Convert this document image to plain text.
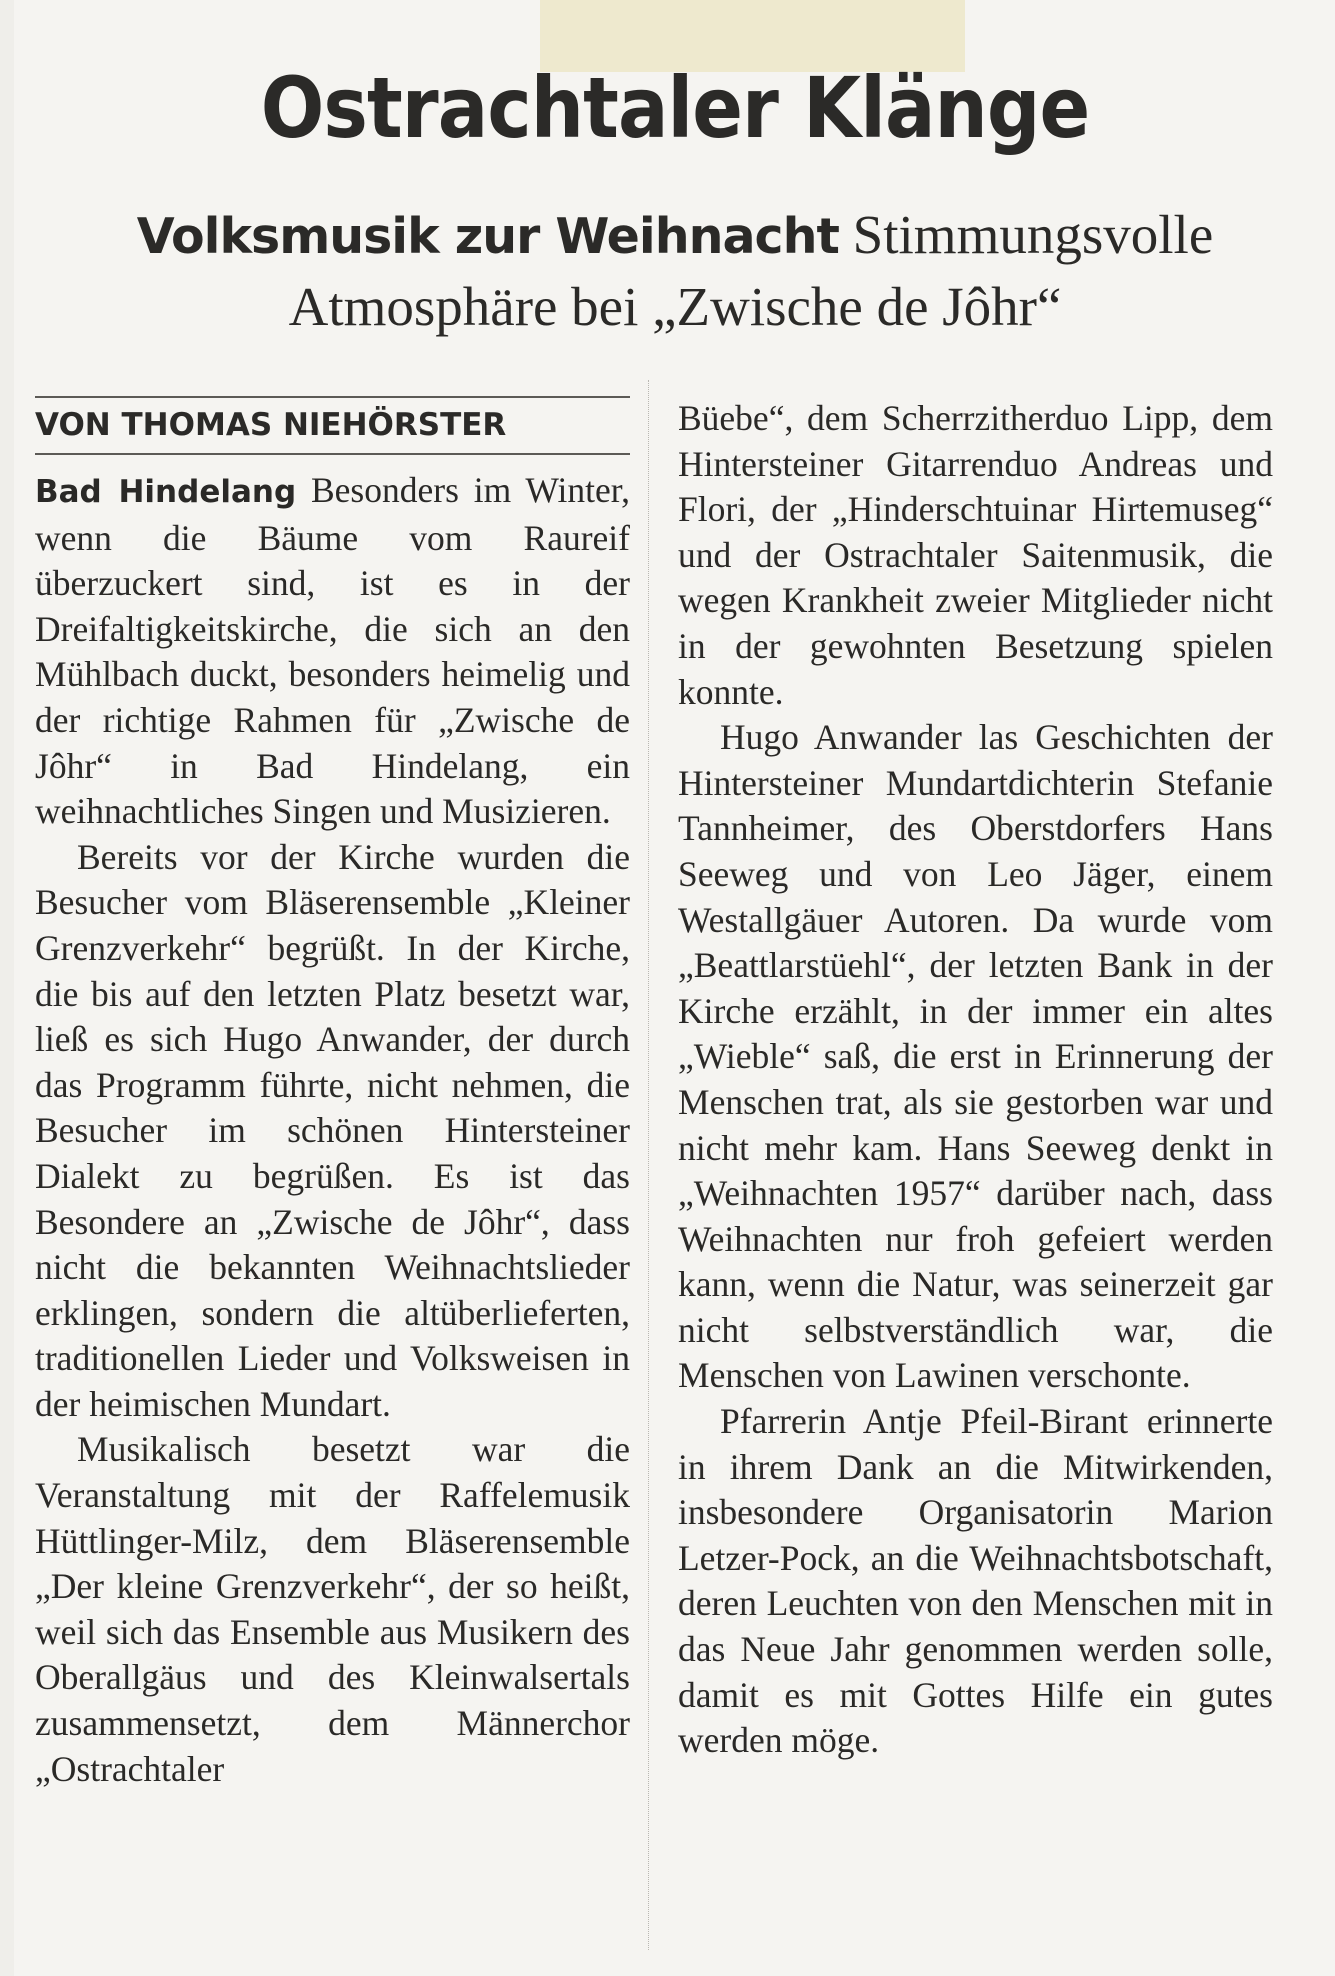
Ostrachtaler Klänge
Volksmusik zur Weihnacht Stimmungsvolle
Atmosphäre bei „Zwische de Jôhr“
VON THOMAS NIEHÖRSTER

Bad Hindelang Besonders im Winter, wenn die Bäume vom Raureif überzuckert sind, ist es in der Dreifaltigkeitskirche, die sich an den Mühlbach duckt, besonders heimelig und der richtige Rahmen für „Zwische de Jôhr“ in Bad Hindelang, ein weihnachtliches Singen und Musizieren.

Bereits vor der Kirche wurden die Besucher vom Bläserensemble „Kleiner Grenzverkehr“ begrüßt. In der Kirche, die bis auf den letzten Platz besetzt war, ließ es sich Hugo Anwander, der durch das Programm führte, nicht nehmen, die Besucher im schönen Hintersteiner Dialekt zu begrüßen. Es ist das Besondere an „Zwische de Jôhr“, dass nicht die bekannten Weihnachtslieder erklingen, sondern die altüberlieferten, traditionellen Lieder und Volksweisen in der heimischen Mundart.

Musikalisch besetzt war die Veranstaltung mit der Raffelemusik Hüttlinger-Milz, dem Bläserensemble „Der kleine Grenzverkehr“, der so heißt, weil sich das Ensemble aus Musikern des Oberallgäus und des Kleinwalsertals zusammensetzt, dem Männerchor „Ostrachtaler

Büebe“, dem Scherrzitherduo Lipp, dem Hintersteiner Gitarrenduo Andreas und Flori, der „Hinderschtuinar Hirtemuseg“ und der Ostrachtaler Saitenmusik, die wegen Krankheit zweier Mitglieder nicht in der gewohnten Besetzung spielen konnte.

Hugo Anwander las Geschichten der Hintersteiner Mundartdichterin Stefanie Tannheimer, des Oberstdorfers Hans Seeweg und von Leo Jäger, einem Westallgäuer Autoren. Da wurde vom „Beattlarstüehl“, der letzten Bank in der Kirche erzählt, in der immer ein altes „Wieble“ saß, die erst in Erinnerung der Menschen trat, als sie gestorben war und nicht mehr kam. Hans Seeweg denkt in „Weihnachten 1957“ darüber nach, dass Weihnachten nur froh gefeiert werden kann, wenn die Natur, was seinerzeit gar nicht selbstverständlich war, die Menschen von Lawinen verschonte.

Pfarrerin Antje Pfeil-Birant erinnerte in ihrem Dank an die Mitwirkenden, insbesondere Organisatorin Marion Letzer-Pock, an die Weihnachtsbotschaft, deren Leuchten von den Menschen mit in das Neue Jahr genommen werden solle, damit es mit Gottes Hilfe ein gutes werden möge.
